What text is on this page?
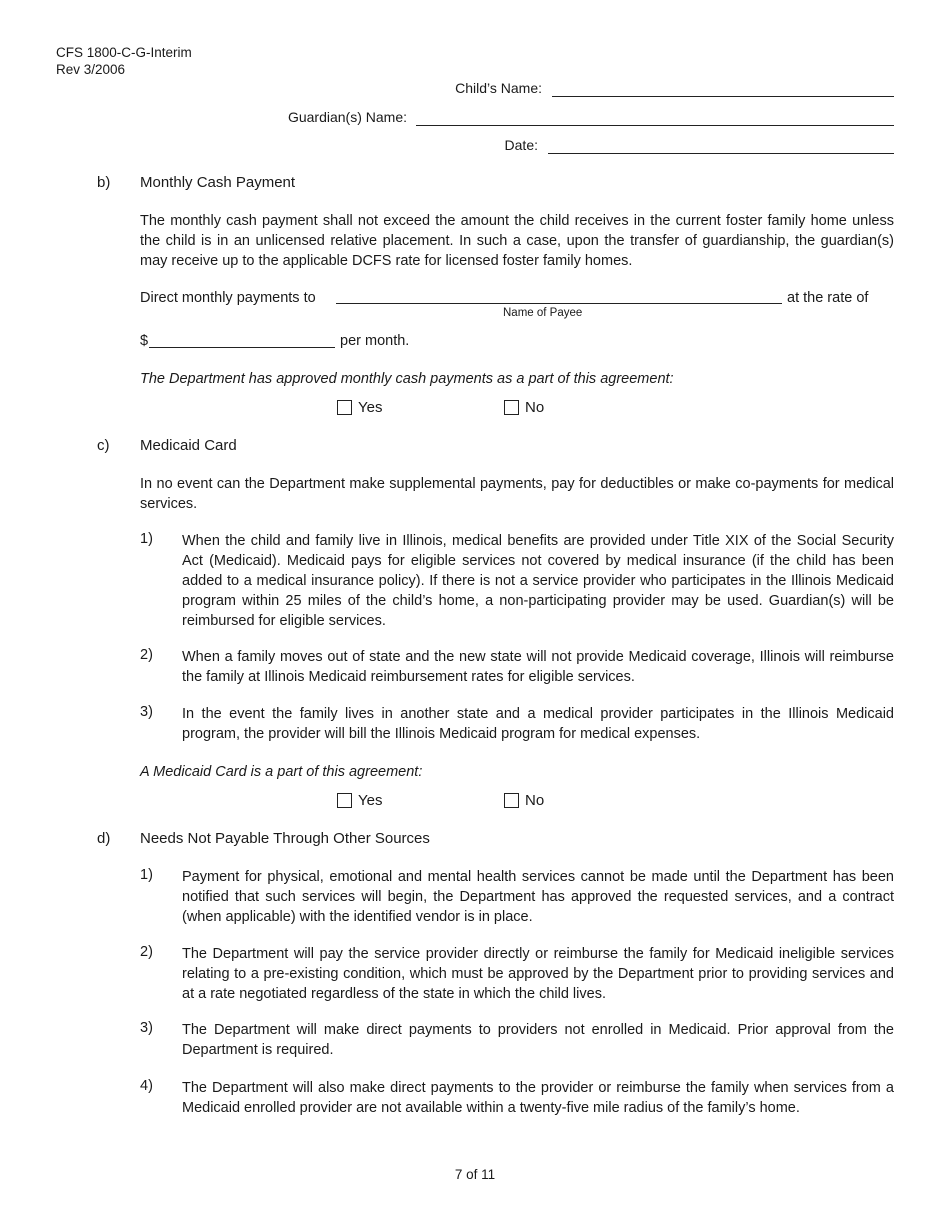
CFS 1800-C-G-Interim
Rev 3/2006
Child’s Name:
Guardian(s) Name:
Date:
b) Monthly Cash Payment
The monthly cash payment shall not exceed the amount the child receives in the current foster family home unless the child is in an unlicensed relative placement. In such a case, upon the transfer of guardianship, the guardian(s) may receive up to the applicable DCFS rate for licensed foster family homes.
Direct monthly payments to	at the rate of
Name of Payee
$	per month.
The Department has approved monthly cash payments as a part of this agreement:
Yes	No
c) Medicaid Card
In no event can the Department make supplemental payments, pay for deductibles or make co-payments for medical services.
1) When the child and family live in Illinois, medical benefits are provided under Title XIX of the Social Security Act (Medicaid). Medicaid pays for eligible services not covered by medical insurance (if the child has been added to a medical insurance policy). If there is not a service provider who participates in the Illinois Medicaid program within 25 miles of the child’s home, a non-participating provider may be used. Guardian(s) will be reimbursed for eligible services.
2) When a family moves out of state and the new state will not provide Medicaid coverage, Illinois will reimburse the family at Illinois Medicaid reimbursement rates for eligible services.
3) In the event the family lives in another state and a medical provider participates in the Illinois Medicaid program, the provider will bill the Illinois Medicaid program for medical expenses.
A Medicaid Card is a part of this agreement:
Yes	No
d) Needs Not Payable Through Other Sources
1) Payment for physical, emotional and mental health services cannot be made until the Department has been notified that such services will begin, the Department has approved the requested services, and a contract (when applicable) with the identified vendor is in place.
2) The Department will pay the service provider directly or reimburse the family for Medicaid ineligible services relating to a pre-existing condition, which must be approved by the Department prior to providing services and at a rate negotiated regardless of the state in which the child lives.
3) The Department will make direct payments to providers not enrolled in Medicaid. Prior approval from the Department is required.
4) The Department will also make direct payments to the provider or reimburse the family when services from a Medicaid enrolled provider are not available within a twenty-five mile radius of the family’s home.
7 of 11
